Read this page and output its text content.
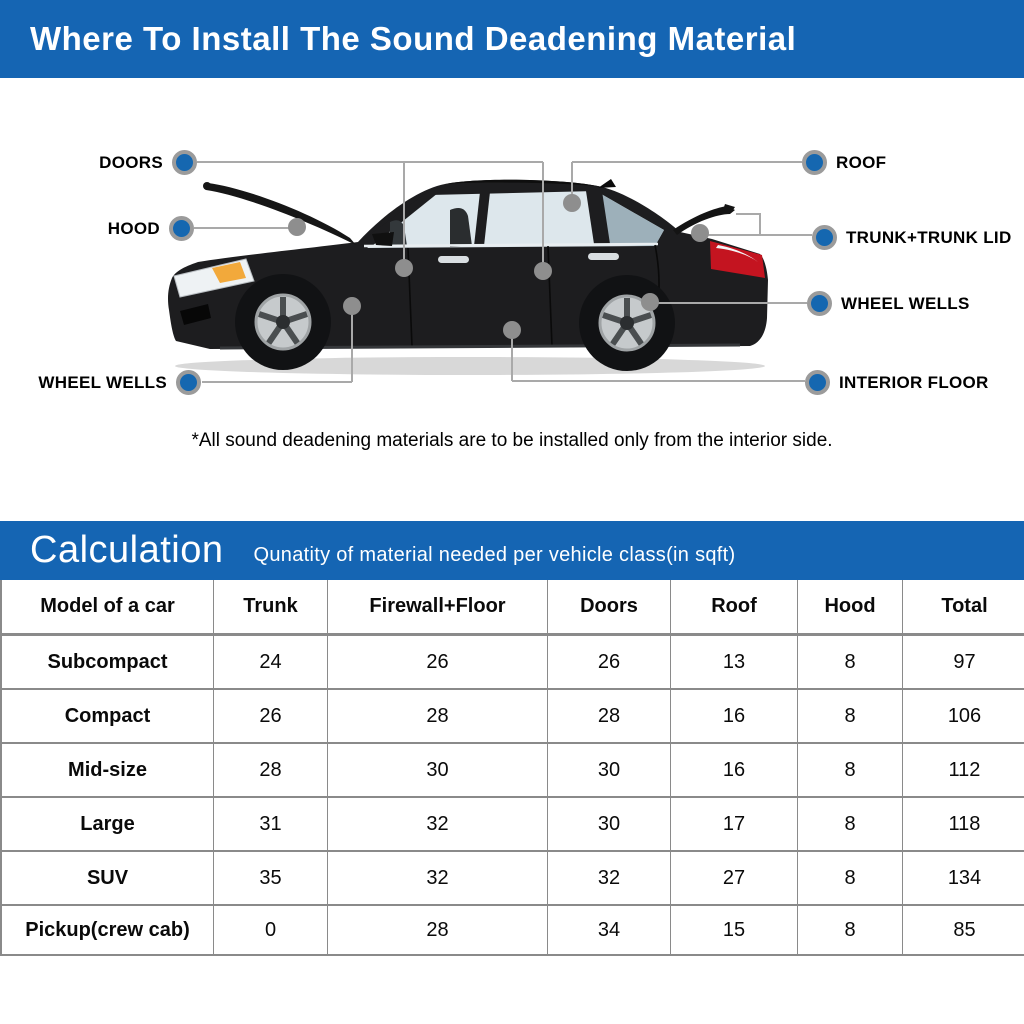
Where To Install The Sound Deadening Material
DOORS
HOOD
WHEEL WELLS
ROOF
TRUNK+TRUNK LID
WHEEL WELLS
INTERIOR FLOOR
*All sound deadening materials are to be installed only from the interior side.
Calculation Qunatity of material needed per vehicle class(in sqft)
Model of a car	Trunk	Firewall+Floor	Doors	Roof	Hood	Total
Subcompact	24	26	26	13	8	97
Compact	26	28	28	16	8	106
Mid-size	28	30	30	16	8	112
Large	31	32	30	17	8	118
SUV	35	32	32	27	8	134
Pickup(crew cab)	0	28	34	15	8	85
